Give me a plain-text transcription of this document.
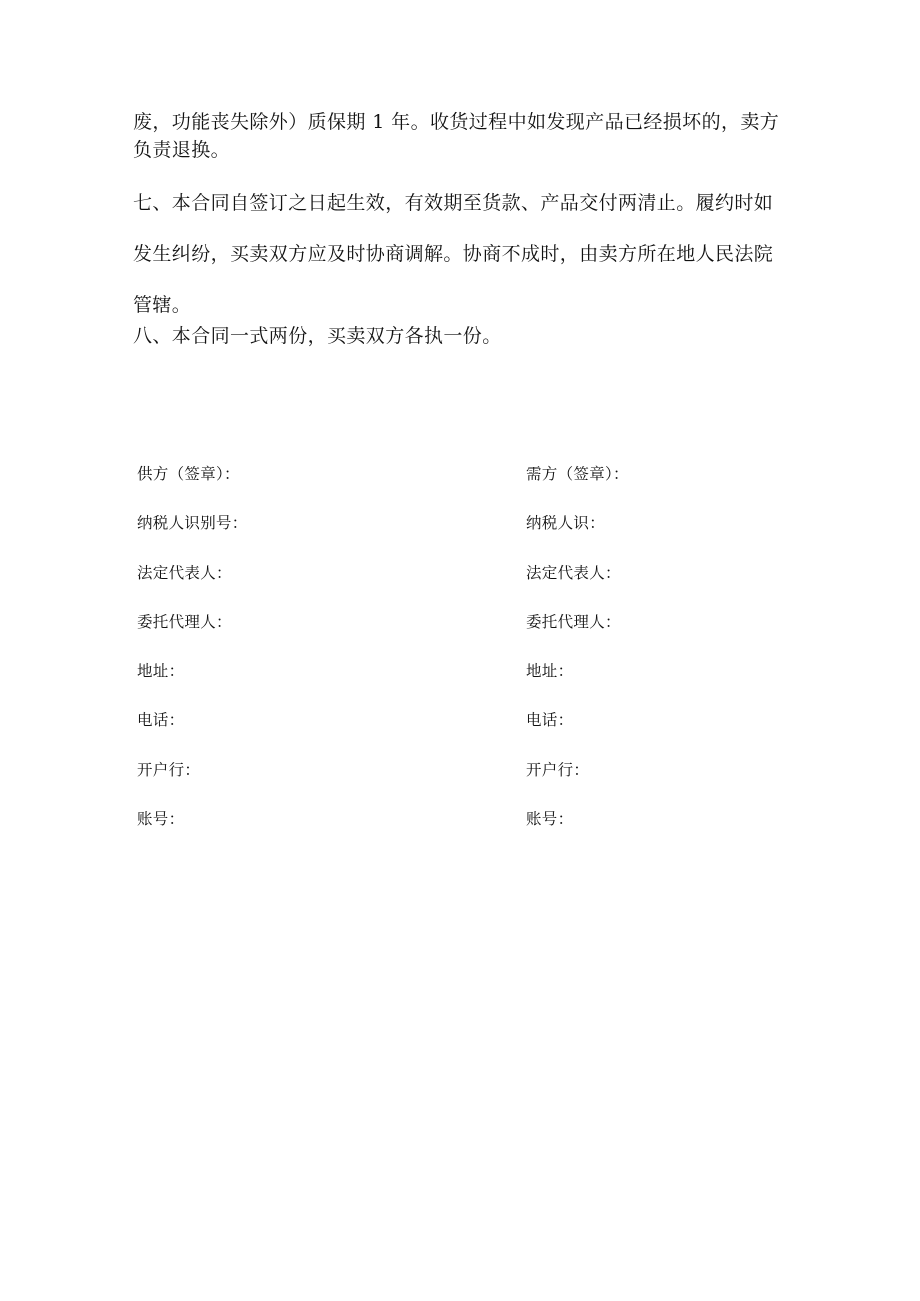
废，功能丧失除外）质保期 1 年。收货过程中如发现产品已经损坏的，卖方
负责退换。
七、本合同自签订之日起生效，有效期至货款、产品交付两清止。履约时如
发生纠纷，买卖双方应及时协商调解。协商不成时，由卖方所在地人民法院
管辖。
八、本合同一式两份，买卖双方各执一份。
供方（签章）：
纳税人识别号：
法定代表人：
委托代理人：
地址：
电话：
开户行：
账号：
需方（签章）：
纳税人识：
法定代表人：
委托代理人：
地址：
电话：
开户行：
账号：
